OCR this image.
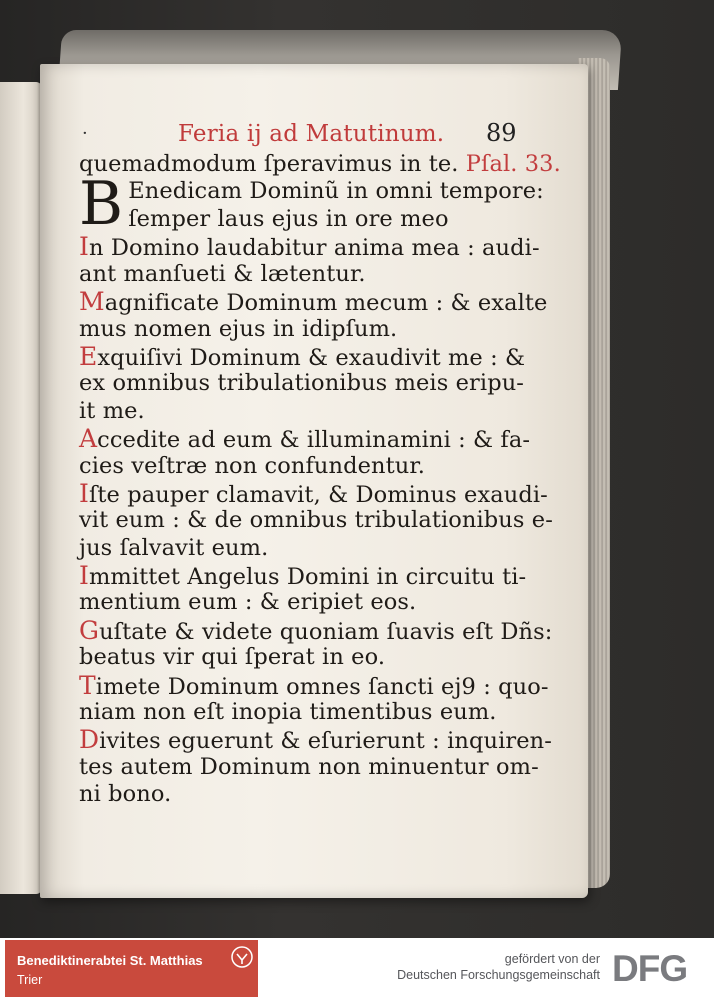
·	Feria ij ad Matutinum. 89
quemadmodum ſperavimus in te. Pſal. 33.
B Enedicam Dominũ in omni tempore:
ſemper laus ejus in ore meo
In Domino laudabitur anima mea : audi-
ant manſueti & lætentur.
Magnificate Dominum mecum : & exalte
mus nomen ejus in idipſum.
Exquiſivi Dominum & exaudivit me : &
ex omnibus tribulationibus meis eripu-
it me.
Accedite ad eum & illuminamini : & fa-
cies veſtræ non confundentur.
Iſte pauper clamavit, & Dominus exaudi-
vit eum : & de omnibus tribulationibus e-
jus ſalvavit eum.
Immittet Angelus Domini in circuitu ti-
mentium eum : & eripiet eos.
Guſtate & videte quoniam ſuavis eſt Dñs:
beatus vir qui ſperat in eo.
Timete Dominum omnes ſancti ej9 : quo-
niam non eſt inopia timentibus eum.
Divites eguerunt & eſurierunt : inquiren-
tes autem Dominum non minuentur om-
ni bono.
Benediktinerabtei St. Matthias
Trier
gefördert von der
Deutschen Forschungsgemeinschaft DFG
